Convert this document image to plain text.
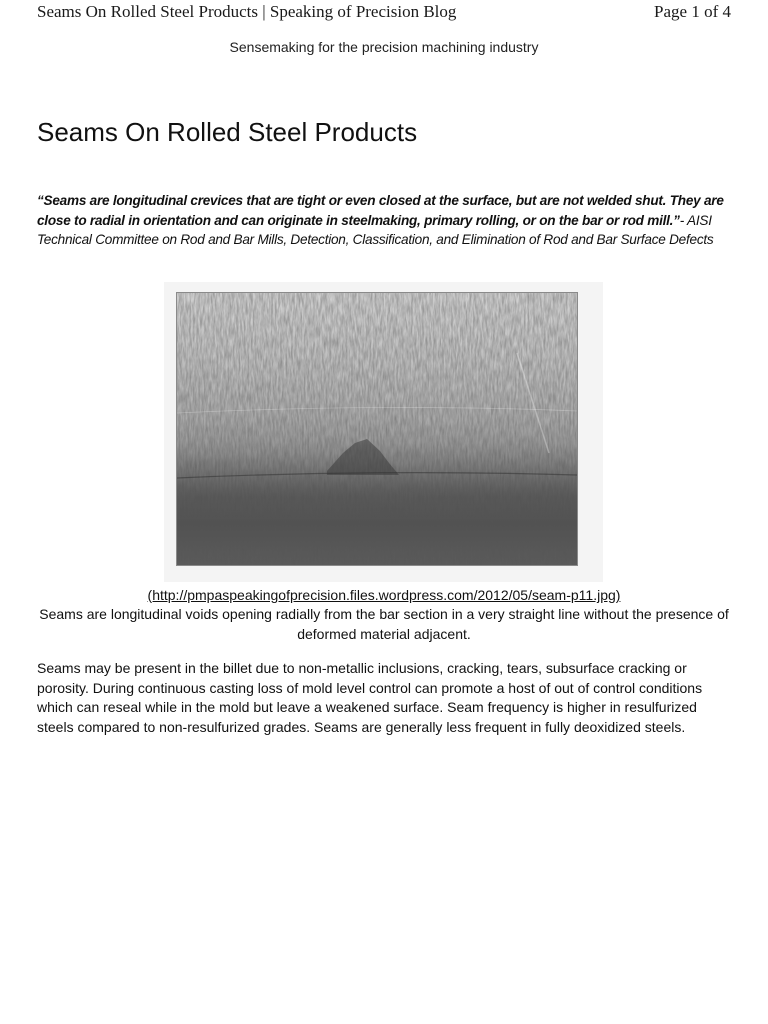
Seams On Rolled Steel Products | Speaking of Precision Blog	Page 1 of 4
Sensemaking for the precision machining industry
Seams On Rolled Steel Products

“Seams are longitudinal crevices that are tight or even closed at the surface, but are not welded shut. They are close to radial in orientation and can originate in steelmaking, primary rolling, or on the bar or rod mill.”- AISI Technical Committee on Rod and Bar Mills, Detection, Classification, and Elimination of Rod and Bar Surface Defects

(http://pmpaspeakingofprecision.files.wordpress.com/2012/05/seam-p11.jpg)

Seams are longitudinal voids opening radially from the bar section in a very straight line without the presence of deformed material adjacent.

Seams may be present in the billet due to non-metallic inclusions, cracking, tears, subsurface cracking or porosity. During continuous casting loss of mold level control can promote a host of out of control conditions which can reseal while in the mold but leave a weakened surface. Seam frequency is higher in resulfurized steels compared to non-resulfurized grades. Seams are generally less frequent in fully deoxidized steels.
